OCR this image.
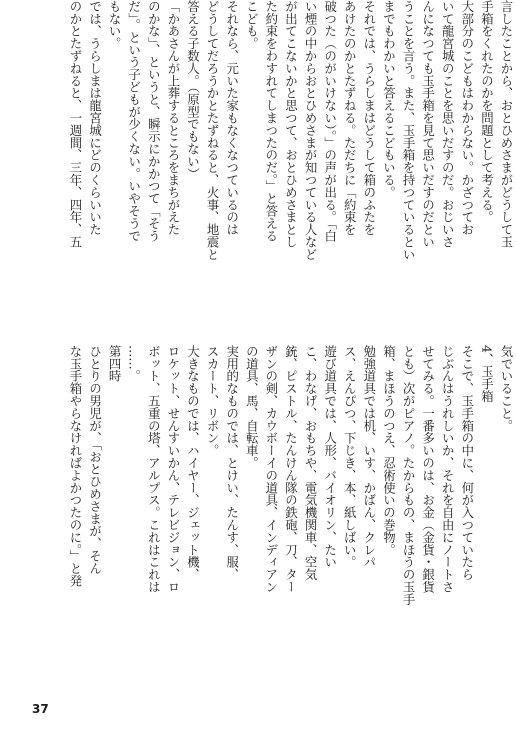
言したことから、おとひめさまがどうして玉
手箱をくれたのかを問題として考える。
大部分のこどもはわからない。かざつてお
いて龍宮城のことを思いだすのだ。おじいさ
んになつても玉手箱を見て思いだすのだとい
うことを言う。また、玉手箱を持つているとい
までもわかいと答えるこどもいる。
それでは、うらしまはどうして箱のふたを
あけたのかとたずねる。ただちに「約束を
破つた（のがいけない）。」の声が出る。「白
い煙の中からおとひめさまが知つている人など
が出てこないかと思つて、おとひめさまとし
た約束をわすれてしまつたのだ。」と答える
こども。
それなら、元いた家もなくなつているのは
どうしてだろうかとたずねると、火事、地震と
答える子数人。（原型でもない）
「かあさんが上葬するところをまちがえた
のかな」、というと、瞬示にかかつて「そう
だ」。という子どもが少くない。いやそうで
もない。
では、うらしまは龍宮城にどのくらいいた
のかとたずねると、一週間、三年、四年、五
気でいること。
4、玉手箱
そこで、玉手箱の中に、何が入つていたら
じぶんはうれしいか、それを自由にノートさ
せてみる。一番多いのは、お金（金貨・銀貨
とも）次がピアノ。たからもの、まほうの玉手
箱、まほうのつえ、忍術使いの巻物。
勉強道具では机、いす、かばん、クレパ
ス、えんぴつ、下じき、本、紙しばい。
遊び道具では、人形、バイオリン、たい
こ、わなげ、おもちや、電気機関車、空気
銃、ピストル、たんけん隊の鉄砲、刀、ター
ザンの剣、カウボーイの道具、インディアン
の道具、馬、自転車。
実用的なものでは、とけい、たんす、服、
スカート、リボン。
大きなものでは、ハイヤー、ジェット機、
ロケット、せんすいかん、テレビジョン、ロ
ボット、五重の塔、アルプス。これはこれは
……。
第四時
ひとりの男児が、「おとひめさまが、そん
な玉手箱やらなければよかつたのに。」と発
37
